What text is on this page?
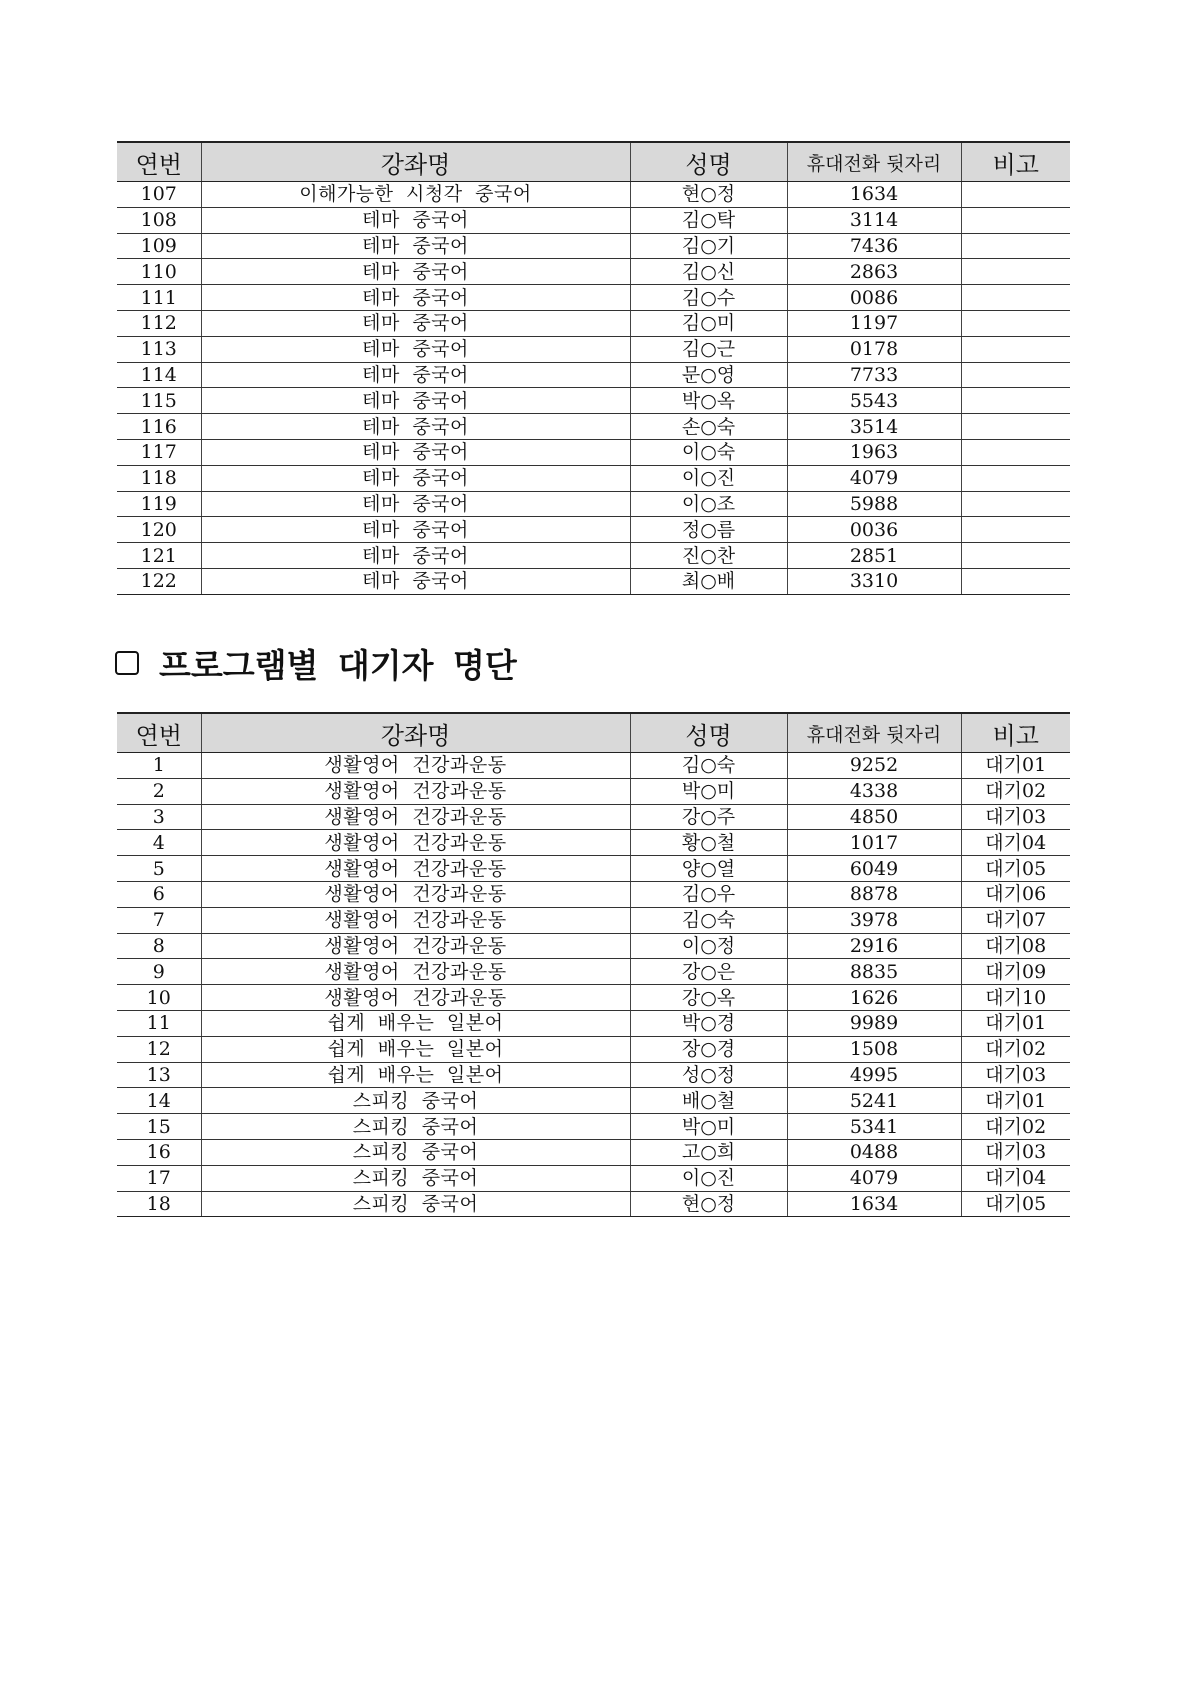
연번	강좌명	성명	휴대전화 뒷자리	비고
107	이해가능한 시청각 중국어	현○정	1634	
108	테마 중국어	김○탁	3114	
109	테마 중국어	김○기	7436	
110	테마 중국어	김○신	2863	
111	테마 중국어	김○수	0086	
112	테마 중국어	김○미	1197	
113	테마 중국어	김○근	0178	
114	테마 중국어	문○영	7733	
115	테마 중국어	박○옥	5543	
116	테마 중국어	손○숙	3514	
117	테마 중국어	이○숙	1963	
118	테마 중국어	이○진	4079	
119	테마 중국어	이○조	5988	
120	테마 중국어	정○름	0036	
121	테마 중국어	진○찬	2851	
122	테마 중국어	최○배	3310	
프로그램별 대기자 명단
연번	강좌명	성명	휴대전화 뒷자리	비고
1	생활영어 건강과운동	김○숙	9252	대기01
2	생활영어 건강과운동	박○미	4338	대기02
3	생활영어 건강과운동	강○주	4850	대기03
4	생활영어 건강과운동	황○철	1017	대기04
5	생활영어 건강과운동	양○열	6049	대기05
6	생활영어 건강과운동	김○우	8878	대기06
7	생활영어 건강과운동	김○숙	3978	대기07
8	생활영어 건강과운동	이○정	2916	대기08
9	생활영어 건강과운동	강○은	8835	대기09
10	생활영어 건강과운동	강○옥	1626	대기10
11	쉽게 배우는 일본어	박○경	9989	대기01
12	쉽게 배우는 일본어	장○경	1508	대기02
13	쉽게 배우는 일본어	성○정	4995	대기03
14	스피킹 중국어	배○철	5241	대기01
15	스피킹 중국어	박○미	5341	대기02
16	스피킹 중국어	고○희	0488	대기03
17	스피킹 중국어	이○진	4079	대기04
18	스피킹 중국어	현○정	1634	대기05
